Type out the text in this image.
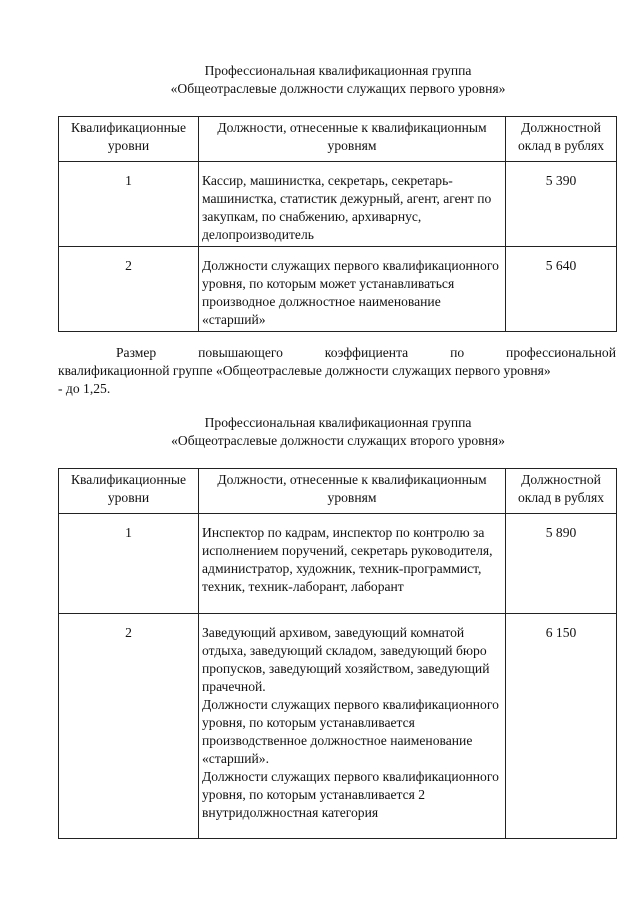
Профессиональная квалификационная группа
«Общеотраслевые должности служащих первого уровня»
Квалификационные уровни	Должности, отнесенные к квалификационным уровням	Должностной оклад в рублях
1	Кассир, машинистка, секретарь, секретарь-машинистка, статистик дежурный, агент, агент по закупкам, по снабжению, архиварнус, делопроизводитель	5 390
2	Должности служащих первого квалификационного уровня, по которым может устанавливаться производное должностное наименование «старший»	5 640
Размер повышающего коэффициента по профессиональной
квалификационной группе «Общеотраслевые должности служащих первого уровня»
- до 1,25.
Профессиональная квалификационная группа
«Общеотраслевые должности служащих второго уровня»
Квалификационные уровни	Должности, отнесенные к квалификационным уровням	Должностной оклад в рублях
1	Инспектор по кадрам, инспектор по контролю за исполнением поручений, секретарь руководителя, администратор, художник, техник-программист, техник, техник-лаборант, лаборант	5 890
2	Заведующий архивом, заведующий комнатой отдыха, заведующий складом, заведующий бюро пропусков, заведующий хозяйством, заведующий прачечной.
Должности служащих первого квалификационного уровня, по которым устанавливается производственное должностное наименование «старший».
Должности служащих первого квалификационного уровня, по которым устанавливается 2 внутридолжностная категория	6 150
